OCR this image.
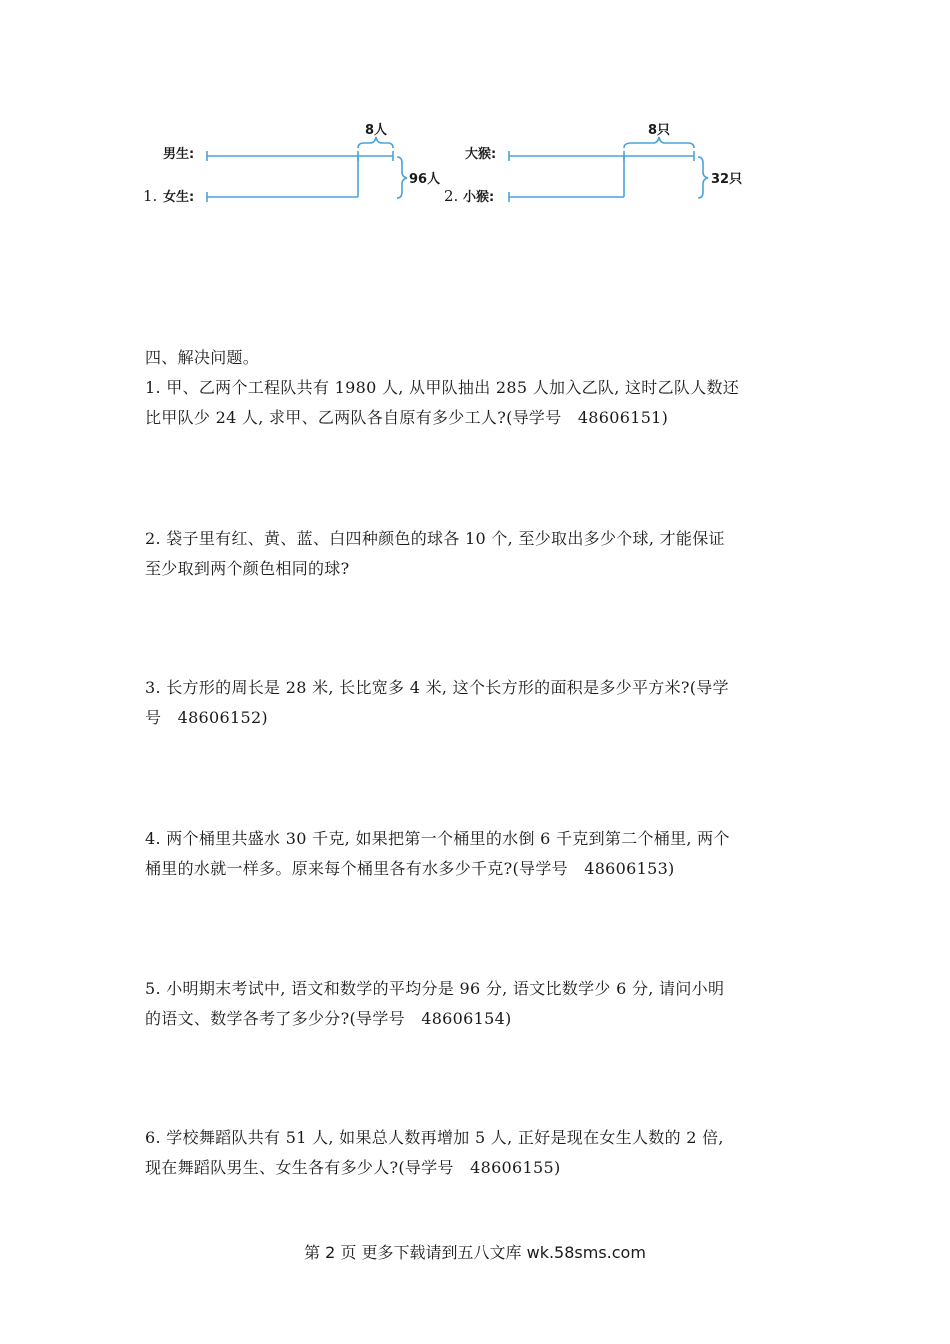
男生:
1. 女生:
8人
96人
大猴:
2. 小猴:
8只
32只

四、解决问题。

1. 甲、乙两个工程队共有 1980 人, 从甲队抽出 285 人加入乙队, 这时乙队人数还

比甲队少 24 人, 求甲、乙两队各自原有多少工人?(导学号　48606151)

2. 袋子里有红、黄、蓝、白四种颜色的球各 10 个, 至少取出多少个球, 才能保证

至少取到两个颜色相同的球?

3. 长方形的周长是 28 米, 长比宽多 4 米, 这个长方形的面积是多少平方米?(导学

号　48606152)

4. 两个桶里共盛水 30 千克, 如果把第一个桶里的水倒 6 千克到第二个桶里, 两个

桶里的水就一样多。原来每个桶里各有水多少千克?(导学号　48606153)

5. 小明期末考试中, 语文和数学的平均分是 96 分, 语文比数学少 6 分, 请问小明

的语文、数学各考了多少分?(导学号　48606154)

6. 学校舞蹈队共有 51 人, 如果总人数再增加 5 人, 正好是现在女生人数的 2 倍,

现在舞蹈队男生、女生各有多少人?(导学号　48606155)

第 2 页 更多下载请到五八文库 wk.58sms.com
